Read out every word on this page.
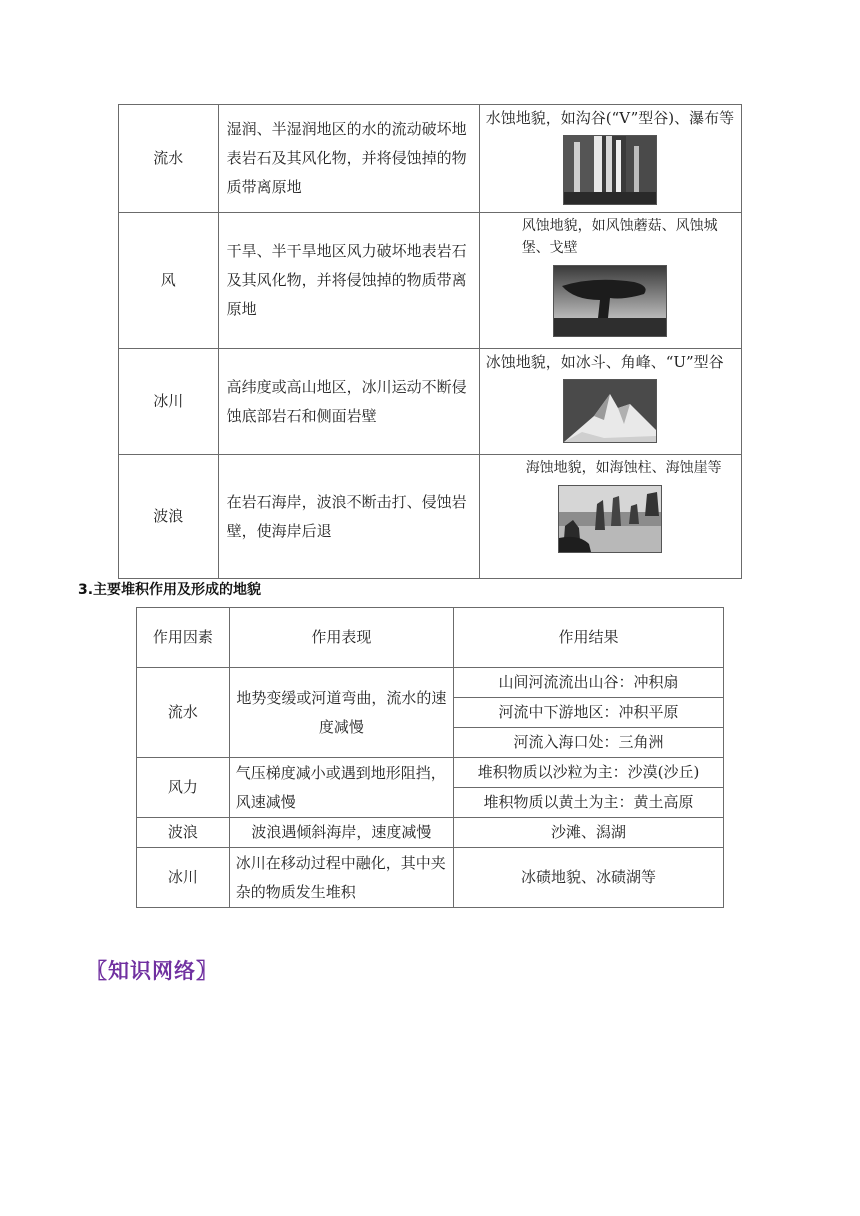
流水	湿润、半湿润地区的水的流动破坏地表岩石及其风化物，并将侵蚀掉的物质带离原地	水蚀地貌，如沟谷(“V”型谷)、瀑布等

风	干旱、半干旱地区风力破坏地表岩石及其风化物，并将侵蚀掉的物质带离原地	风蚀地貌，如风蚀蘑菇、风蚀城堡、戈壁

冰川	高纬度或高山地区，冰川运动不断侵蚀底部岩石和侧面岩壁	冰蚀地貌，如冰斗、角峰、“U”型谷

波浪	在岩石海岸，波浪不断击打、侵蚀岩壁，使海岸后退	海蚀地貌，如海蚀柱、海蚀崖等
3.主要堆积作用及形成的地貌
作用因素	作用表现	作用结果
流水	地势变缓或河道弯曲，流水的速度减慢	山间河流流出山谷：冲积扇
		河流中下游地区：冲积平原
		河流入海口处：三角洲
风力	气压梯度减小或遇到地形阻挡，风速减慢	堆积物质以沙粒为主：沙漠(沙丘)
		堆积物质以黄土为主：黄土高原
波浪	波浪遇倾斜海岸，速度减慢	沙滩、潟湖
冰川	冰川在移动过程中融化，其中夹杂的物质发生堆积	冰碛地貌、冰碛湖等
〖知识网络〗
